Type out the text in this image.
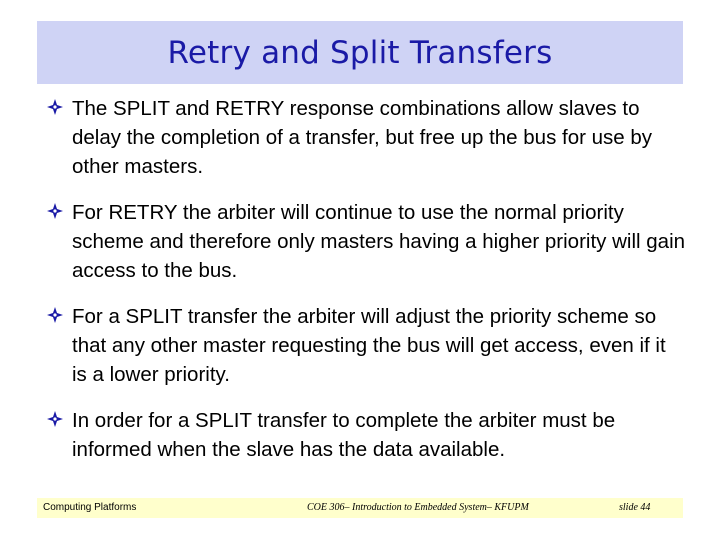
Retry and Split Transfers
The SPLIT and RETRY response combinations allow slaves to delay the completion of a transfer, but free up the bus for use by other masters.
For RETRY the arbiter will continue to use the normal priority scheme and therefore only masters having a higher priority will gain access to the bus.
For a SPLIT transfer the arbiter will adjust the priority scheme so that any other master requesting the bus will get access, even if it is a lower priority.
In order for a SPLIT transfer to complete the arbiter must be informed when the slave has the data available.
Computing Platforms	COE 306– Introduction to Embedded System– KFUPM	slide 44
